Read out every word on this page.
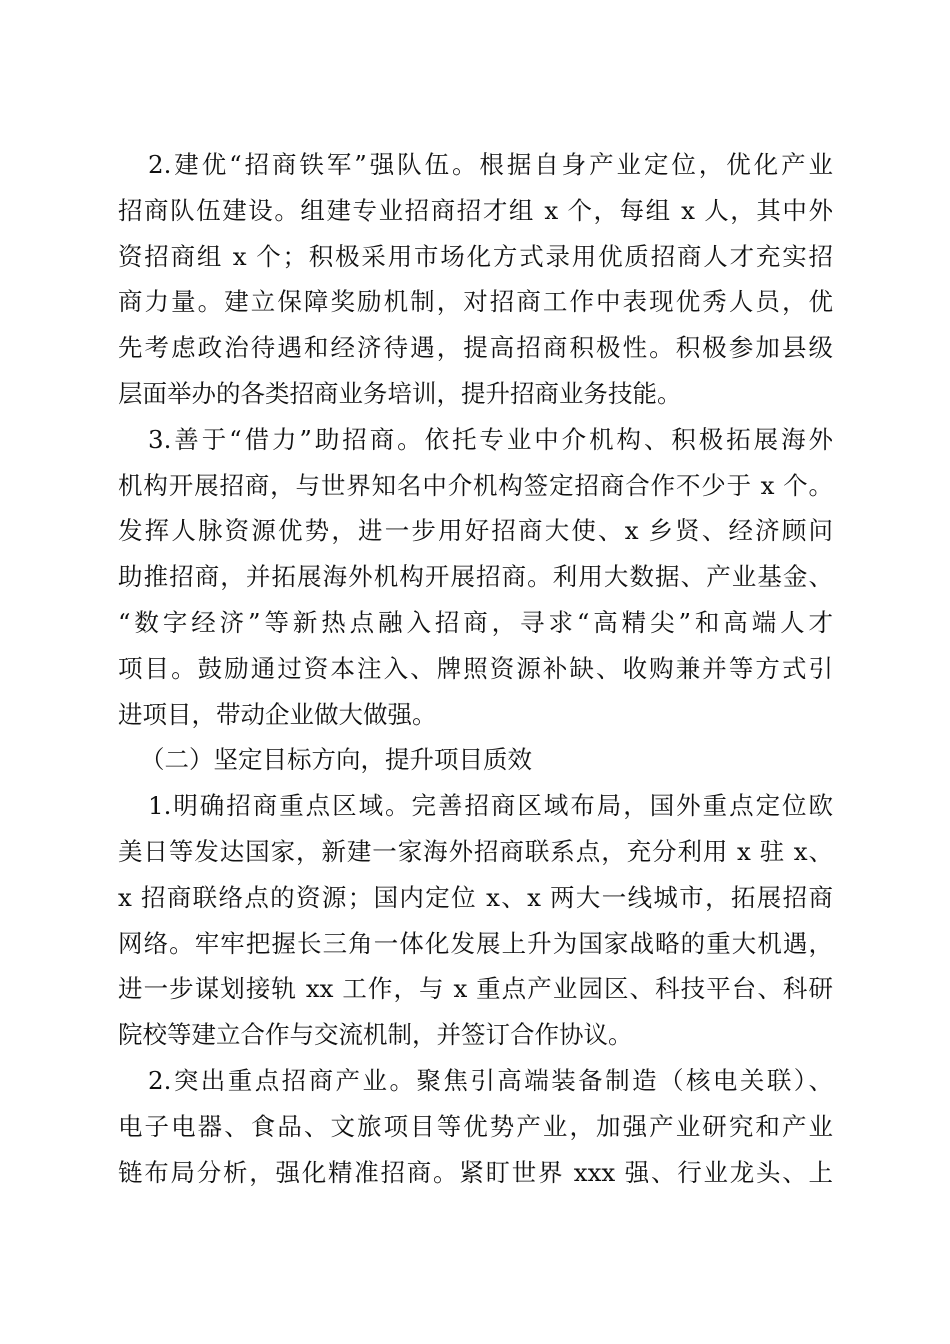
2.建优“招商铁军”强队伍。根据自身产业定位，优化产业
招商队伍建设。组建专业招商招才组 x 个，每组 x 人，其中外
资招商组 x 个；积极采用市场化方式录用优质招商人才充实招
商力量。建立保障奖励机制，对招商工作中表现优秀人员，优
先考虑政治待遇和经济待遇，提高招商积极性。积极参加县级
层面举办的各类招商业务培训，提升招商业务技能。
3.善于“借力”助招商。依托专业中介机构、积极拓展海外
机构开展招商，与世界知名中介机构签定招商合作不少于 x 个。
发挥人脉资源优势，进一步用好招商大使、x 乡贤、经济顾问
助推招商，并拓展海外机构开展招商。利用大数据、产业基金、
“数字经济”等新热点融入招商，寻求“高精尖”和高端人才
项目。鼓励通过资本注入、牌照资源补缺、收购兼并等方式引
进项目，带动企业做大做强。
（二）坚定目标方向，提升项目质效
1.明确招商重点区域。完善招商区域布局，国外重点定位欧
美日等发达国家，新建一家海外招商联系点，充分利用 x 驻 x、
x 招商联络点的资源；国内定位 x、x 两大一线城市，拓展招商
网络。牢牢把握长三角一体化发展上升为国家战略的重大机遇，
进一步谋划接轨 xx 工作，与 x 重点产业园区、科技平台、科研
院校等建立合作与交流机制，并签订合作协议。
2.突出重点招商产业。聚焦引高端装备制造（核电关联）、
电子电器、食品、文旅项目等优势产业，加强产业研究和产业
链布局分析，强化精准招商。紧盯世界 xxx 强、行业龙头、上
